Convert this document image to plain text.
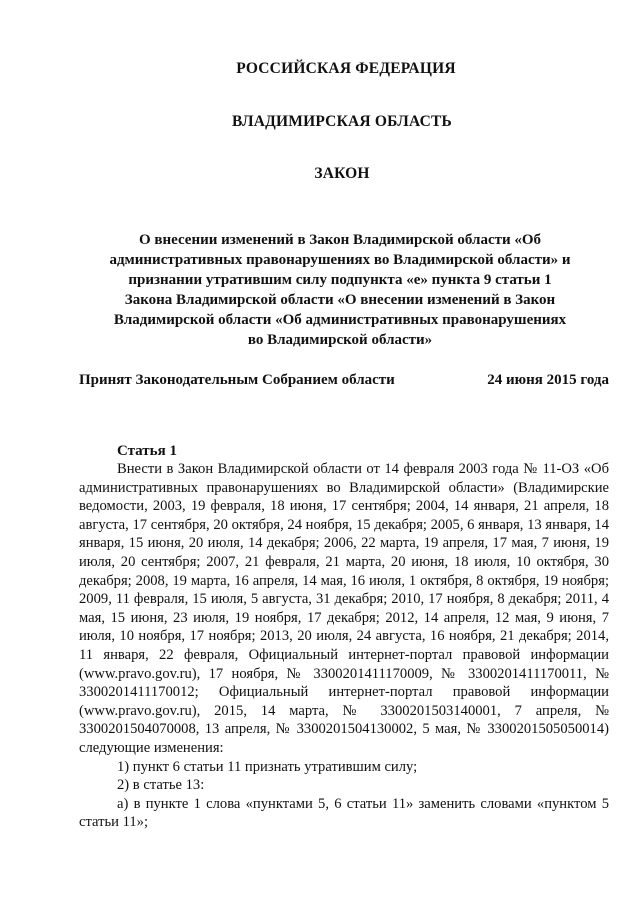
РОССИЙСКАЯ ФЕДЕРАЦИЯ
ВЛАДИМИРСКАЯ ОБЛАСТЬ
ЗАКОН
О внесении изменений в Закон Владимирской области «Об
административных правонарушениях во Владимирской области» и
признании утратившим силу подпункта «е» пункта 9 статьи 1
Закона Владимирской области «О внесении изменений в Закон
Владимирской области «Об административных правонарушениях
во Владимирской области»
Принят Законодательным Собранием области	24 июня 2015 года
Статья 1

Внести в Закон Владимирской области от 14 февраля 2003 года № 11-ОЗ «Об административных правонарушениях во Владимирской области» (Владимирские ведомости, 2003, 19 февраля, 18 июня, 17 сентября; 2004, 14 января, 21 апреля, 18 августа, 17 сентября, 20 октября, 24 ноября, 15 декабря; 2005, 6 января, 13 января, 14 января, 15 июня, 20 июля, 14 декабря; 2006, 22 марта, 19 апреля, 17 мая, 7 июня, 19 июля, 20 сентября; 2007, 21 февраля, 21 марта, 20 июня, 18 июля, 10 октября, 30 декабря; 2008, 19 марта, 16 апреля, 14 мая, 16 июля, 1 октября, 8 октября, 19 ноября; 2009, 11 февраля, 15 июля, 5 августа, 31 декабря; 2010, 17 ноября, 8 декабря; 2011, 4 мая, 15 июня, 23 июля, 19 ноября, 17 декабря; 2012, 14 апреля, 12 мая, 9 июня, 7 июля, 10 ноября, 17 ноября; 2013, 20 июля, 24 августа, 16 ноября, 21 декабря; 2014, 11 января, 22 февраля, Официальный интернет-портал правовой информации (www.pravo.gov.ru), 17 ноября, № 3300201411170009, № 3300201411170011, № 3300201411170012; Официальный интернет-портал правовой информации (www.pravo.gov.ru), 2015, 14 марта, № 3300201503140001, 7 апреля, № 3300201504070008, 13 апреля, № 3300201504130002, 5 мая, № 3300201505050014) следующие изменения:

1) пункт 6 статьи 11 признать утратившим силу;

2) в статье 13:

а) в пункте 1 слова «пунктами 5, 6 статьи 11» заменить словами «пунктом 5 статьи 11»;
